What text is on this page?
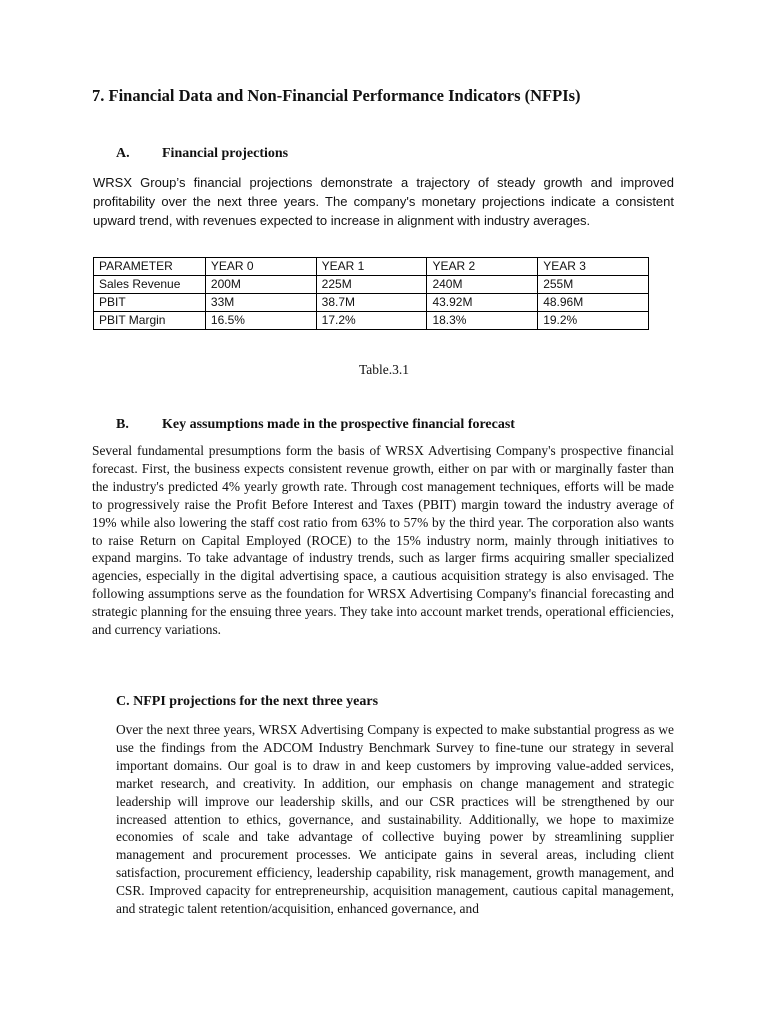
7. Financial Data and Non-Financial Performance Indicators (NFPIs)
A. Financial projections
WRSX Group’s financial projections demonstrate a trajectory of steady growth and improved profitability over the next three years. The company's monetary projections indicate a consistent upward trend, with revenues expected to increase in alignment with industry averages.
PARAMETER	YEAR 0	YEAR 1	YEAR 2	YEAR 3
Sales Revenue	200M	225M	240M	255M
PBIT	33M	38.7M	43.92M	48.96M
PBIT Margin	16.5%	17.2%	18.3%	19.2%
Table.3.1
B. Key assumptions made in the prospective financial forecast
Several fundamental presumptions form the basis of WRSX Advertising Company's prospective financial forecast. First, the business expects consistent revenue growth, either on par with or marginally faster than the industry's predicted 4% yearly growth rate. Through cost management techniques, efforts will be made to progressively raise the Profit Before Interest and Taxes (PBIT) margin toward the industry average of 19% while also lowering the staff cost ratio from 63% to 57% by the third year. The corporation also wants to raise Return on Capital Employed (ROCE) to the 15% industry norm, mainly through initiatives to expand margins. To take advantage of industry trends, such as larger firms acquiring smaller specialized agencies, especially in the digital advertising space, a cautious acquisition strategy is also envisaged. The following assumptions serve as the foundation for WRSX Advertising Company's financial forecasting and strategic planning for the ensuing three years. They take into account market trends, operational efficiencies, and currency variations.
C. NFPI projections for the next three years
Over the next three years, WRSX Advertising Company is expected to make substantial progress as we use the findings from the ADCOM Industry Benchmark Survey to fine-tune our strategy in several important domains. Our goal is to draw in and keep customers by improving value-added services, market research, and creativity. In addition, our emphasis on change management and strategic leadership will improve our leadership skills, and our CSR practices will be strengthened by our increased attention to ethics, governance, and sustainability. Additionally, we hope to maximize economies of scale and take advantage of collective buying power by streamlining supplier management and procurement processes. We anticipate gains in several areas, including client satisfaction, procurement efficiency, leadership capability, risk management, growth management, and CSR. Improved capacity for entrepreneurship, acquisition management, cautious capital management, and strategic talent retention/acquisition, enhanced governance, and
